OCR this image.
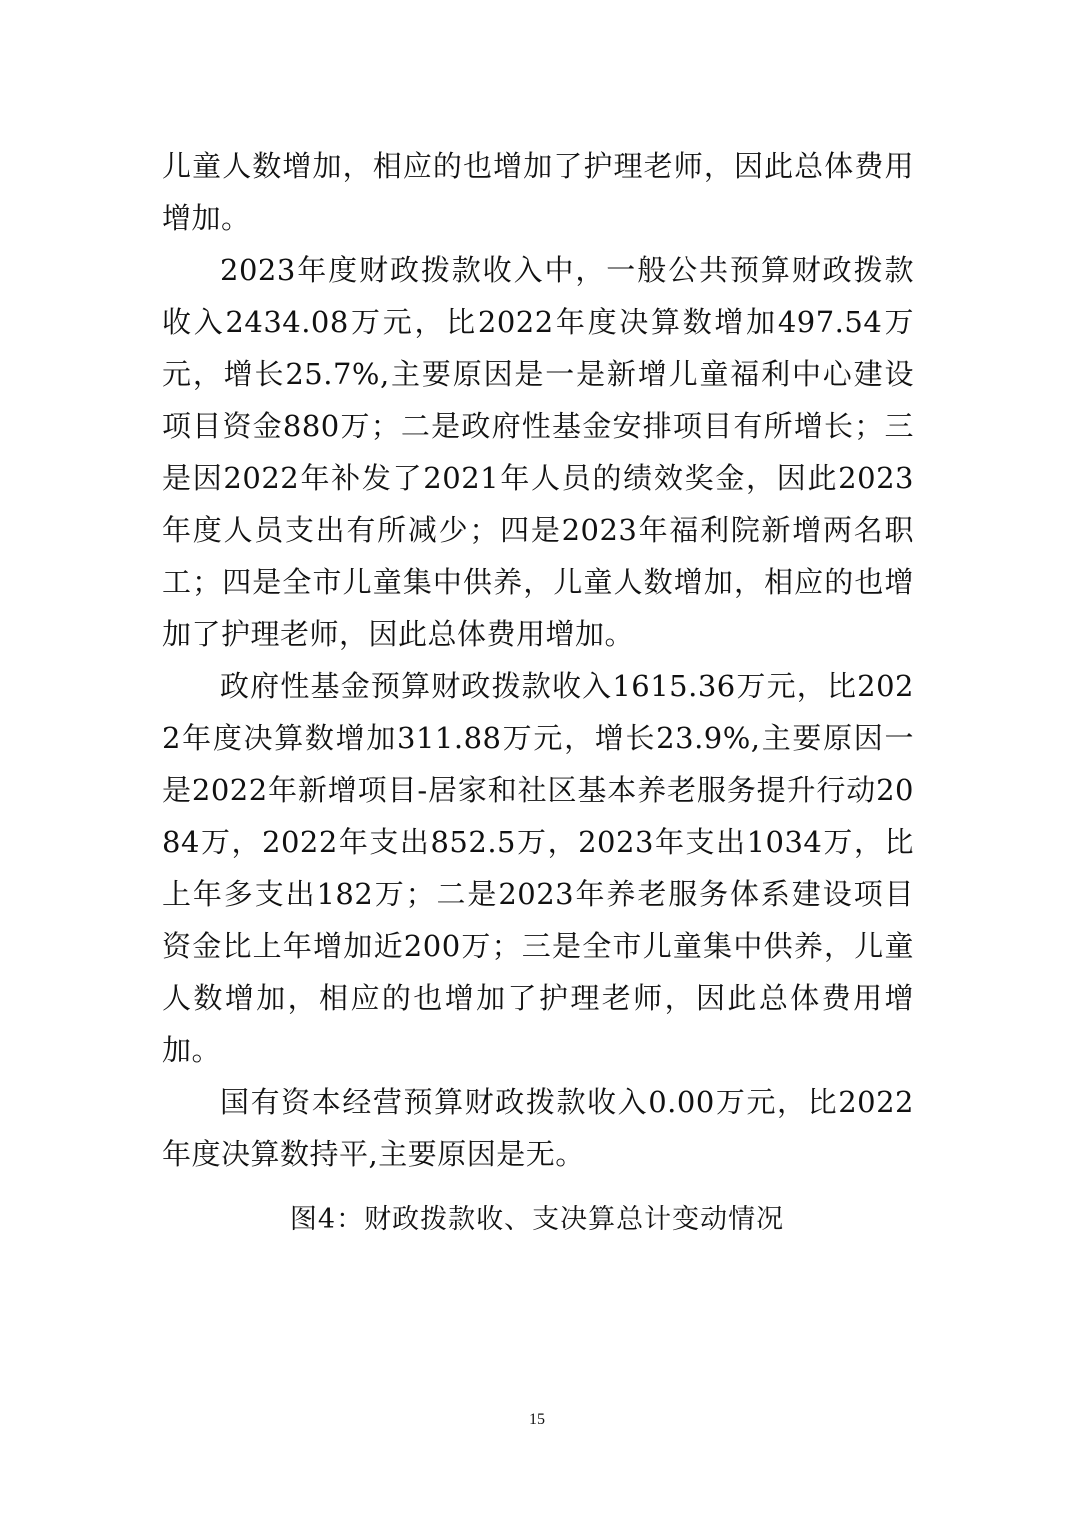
儿童人数增加，相应的也增加了护理老师，因此总体费用增加。

2023年度财政拨款收入中，一般公共预算财政拨款收入2434.08万元，比2022年度决算数增加497.54万元，增长25.7%,主要原因是一是新增儿童福利中心建设项目资金880万；二是政府性基金安排项目有所增长；三是因2022年补发了2021年人员的绩效奖金，因此2023年度人员支出有所减少；四是2023年福利院新增两名职工；四是全市儿童集中供养，儿童人数增加，相应的也增加了护理老师，因此总体费用增加。

政府性基金预算财政拨款收入1615.36万元，比2022年度决算数增加311.88万元，增长23.9%,主要原因一是2022年新增项目-居家和社区基本养老服务提升行动2084万，2022年支出852.5万，2023年支出1034万，比上年多支出182万；二是2023年养老服务体系建设项目资金比上年增加近200万；三是全市儿童集中供养，儿童人数增加，相应的也增加了护理老师，因此总体费用增加。

国有资本经营预算财政拨款收入0.00万元，比2022年度决算数持平,主要原因是无。

图4：财政拨款收、支决算总计变动情况
15
